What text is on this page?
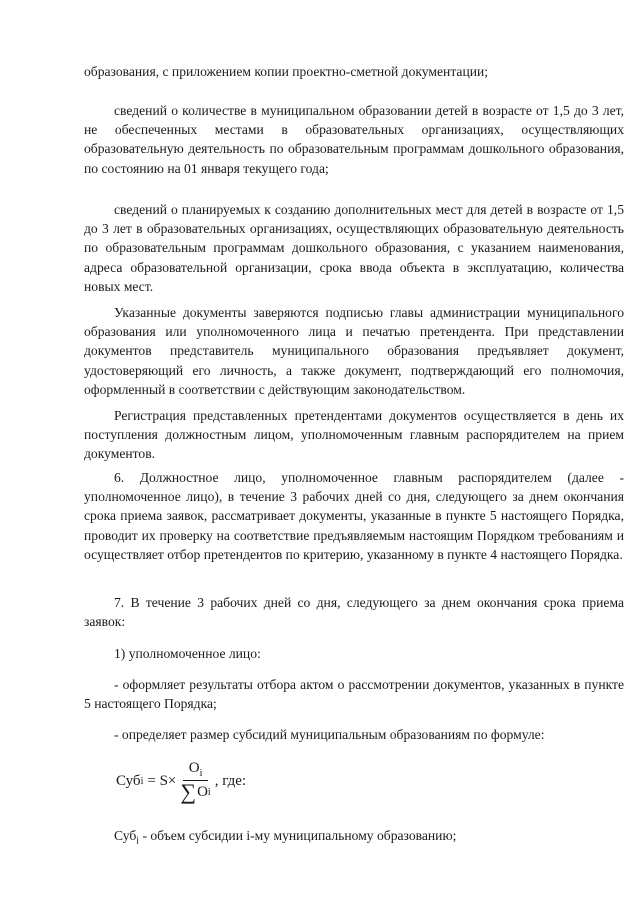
образования, с приложением копии проектно-сметной документации;

сведений о количестве в муниципальном образовании детей в возрасте от 1,5 до 3 лет, не обеспеченных местами в образовательных организациях, осуществляющих образовательную деятельность по образовательным программам дошкольного образования, по состоянию на 01 января текущего года;

сведений о планируемых к созданию дополнительных мест для детей в возрасте от 1,5 до 3 лет в образовательных организациях, осуществляющих образовательную деятельность по образовательным программам дошкольного образования, с указанием наименования, адреса образовательной организации, срока ввода объекта в эксплуатацию, количества новых мест.

Указанные документы заверяются подписью главы администрации муниципального образования или уполномоченного лица и печатью претендента. При представлении документов представитель муниципального образования предъявляет документ, удостоверяющий его личность, а также документ, подтверждающий его полномочия, оформленный в соответствии с действующим законодательством.

Регистрация представленных претендентами документов осуществляется в день их поступления должностным лицом, уполномоченным главным распорядителем на прием документов.

6. Должностное лицо, уполномоченное главным распорядителем (далее - уполномоченное лицо), в течение 3 рабочих дней со дня, следующего за днем окончания срока приема заявок, рассматривает документы, указанные в пункте 5 настоящего Порядка, проводит их проверку на соответствие предъявляемым настоящим Порядком требованиям и осуществляет отбор претендентов по критерию, указанному в пункте 4 настоящего Порядка.

7. В течение 3 рабочих дней со дня, следующего за днем окончания срока приема заявок:

1) уполномоченное лицо:

- оформляет результаты отбора актом о рассмотрении документов, указанных в пункте 5 настоящего Порядка;

- определяет размер субсидий муниципальным образованиям по формуле:

Суб $i = S\times \frac{O_i}{\text{∑ O i}}$ , где:

Суб$_i$ - объем субсидии i-му муниципальному образованию;
